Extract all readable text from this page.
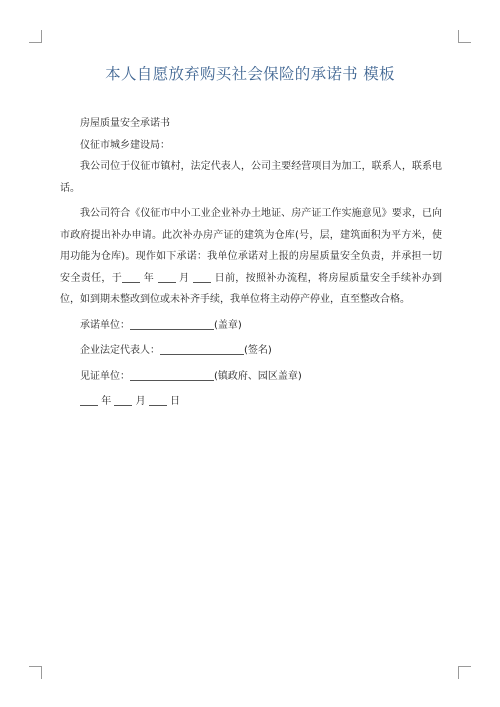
本人自愿放弃购买社会保险的承诺书 模板

房屋质量安全承诺书

仪征市城乡建设局：

我公司位于仪征市镇村，法定代表人，公司主要经营项目为加工，联系人，联系电话。

我公司符合《仪征市中小工业企业补办土地证、房产证工作实施意见》要求，已向市政府提出补办申请。此次补办房产证的建筑为仓库(号，层，建筑面积为平方米，使用功能为仓库)。现作如下承诺：我单位承诺对上报的房屋质量安全负责，并承担一切安全责任，于 年	月	日前，按照补办流程，将房屋质量安全手续补办到位，如到期未整改到位或未补齐手续，我单位将主动停产停业，直至整改合格。

承诺单位：	(盖章)

企业法定代表人：	(签名)

见证单位：	(镇政府、园区盖章)

年 月 日
